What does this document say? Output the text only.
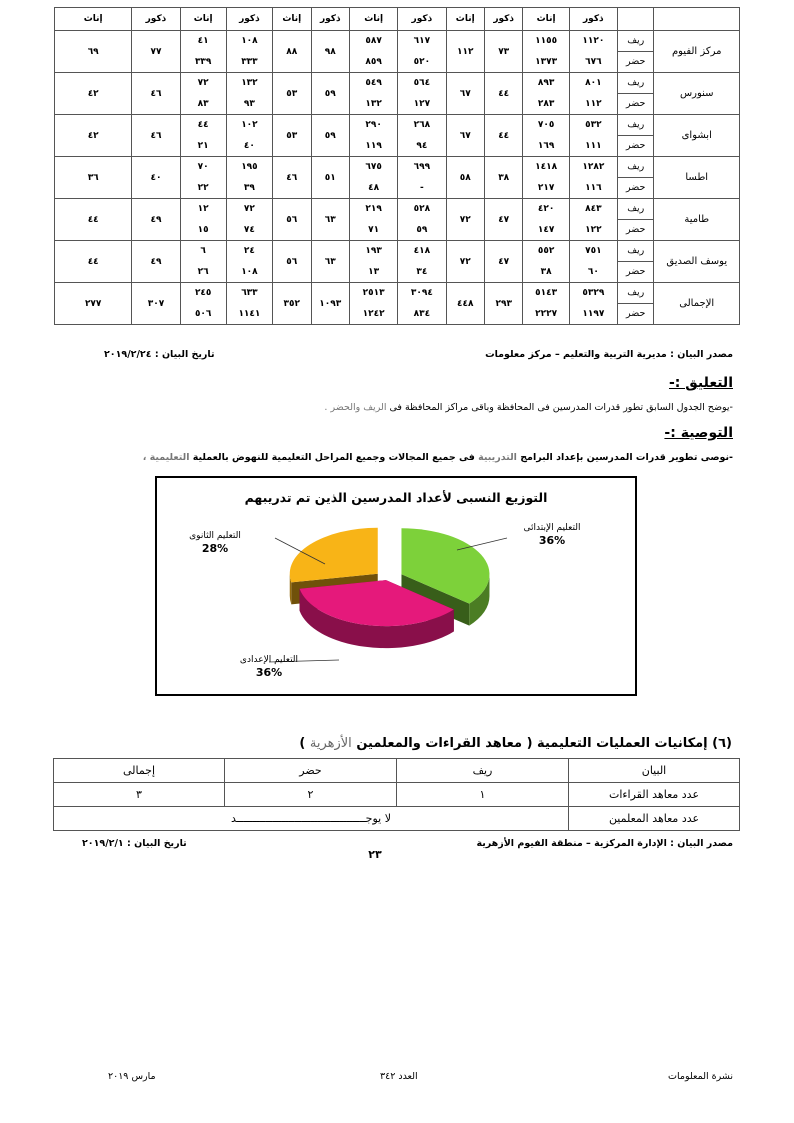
		ذكور	إناث	ذكور	إناث	ذكور	إناث	ذكور	إناث	ذكور	إناث	ذكور	إناث
مركز الفيوم	ريف	١١٢٠	١١٥٥	٧٣	١١٢	٦١٧	٥٨٧	٩٨	٨٨	١٠٨	٤١	٧٧	٦٩
	حضر	٦٧٦	١٣٧٣			٥٢٠	٨٥٩			٣٣٣	٣٣٩		
سنورس	ريف	٨٠١	٨٩٣	٤٤	٦٧	٥٦٤	٥٤٩	٥٩	٥٣	١٣٢	٧٢	٤٦	٤٢
	حضر	١١٢	٢٨٣			١٢٧	١٣٢			٩٣	٨٣		
ابشواى	ريف	٥٣٢	٧٠٥	٤٤	٦٧	٢٦٨	٢٩٠	٥٩	٥٣	١٠٢	٤٤	٤٦	٤٢
	حضر	١١١	١٦٩			٩٤	١١٩			٤٠	٢١		
اطسا	ريف	١٢٨٢	١٤١٨	٣٨	٥٨	٦٩٩	٦٧٥	٥١	٤٦	١٩٥	٧٠	٤٠	٣٦
	حضر	١١٦	٢١٧			-	٤٨			٣٩	٢٢		
طامية	ريف	٨٤٣	٤٢٠	٤٧	٧٢	٥٢٨	٢١٩	٦٣	٥٦	٧٢	١٢	٤٩	٤٤
	حضر	١٢٢	١٤٧			٥٩	٧١			٧٤	١٥		
يوسف الصديق	ريف	٧٥١	٥٥٢	٤٧	٧٢	٤١٨	١٩٣	٦٣	٥٦	٢٤	٦	٤٩	٤٤
	حضر	٦٠	٣٨			٣٤	١٣			١٠٨	٢٦		
الإجمالى	ريف	٥٣٢٩	٥١٤٣	٢٩٣	٤٤٨	٣٠٩٤	٢٥١٣	١٠٩٣	٣٥٢	٦٣٣	٢٤٥	٣٠٧	٢٧٧
	حضر	١١٩٧	٢٢٢٧			٨٣٤	١٢٤٢			١١٤١	٥٠٦		
مصدر البيان : مديرية التربية والتعليم – مركز معلومات
تاريخ البيان : ٢٠١٩/٢/٢٤
التعليق :-
-يوضح الجدول السابق تطور قدرات المدرسين فى المحافظة وباقى مراكز المحافظة فى الريف والحضر .
التوصية :-
-نوصى تطوير قدرات المدرسين بإعداد البرامج التدريبية فى جميع المجالات وجميع المراحل التعليمية للنهوض بالعملية التعليمية ،
التوزيع النسبى لأعداد المدرسين الذين تم تدريبهم
التعليم الإبتدائى
36%
التعليم الإعدادى
36%
التعليم الثانوى
28%
(٦) إمكانيات العمليات التعليمية ( معاهد القراءات والمعلمين الأزهرية )
البيان	ريف	حضر	إجمالى
عدد معاهد القراءات	١	٢	٣
عدد معاهد المعلمين	لا يوجــــــــــــــــــــــــــــــــــــــــد		
مصدر البيان : الإدارة المركزية – منطقة الفيوم الأزهرية
تاريخ البيان : ٢٠١٩/٢/١
٢٣
نشرة المعلومات
العدد ٣٤٢
مارس ٢٠١٩
